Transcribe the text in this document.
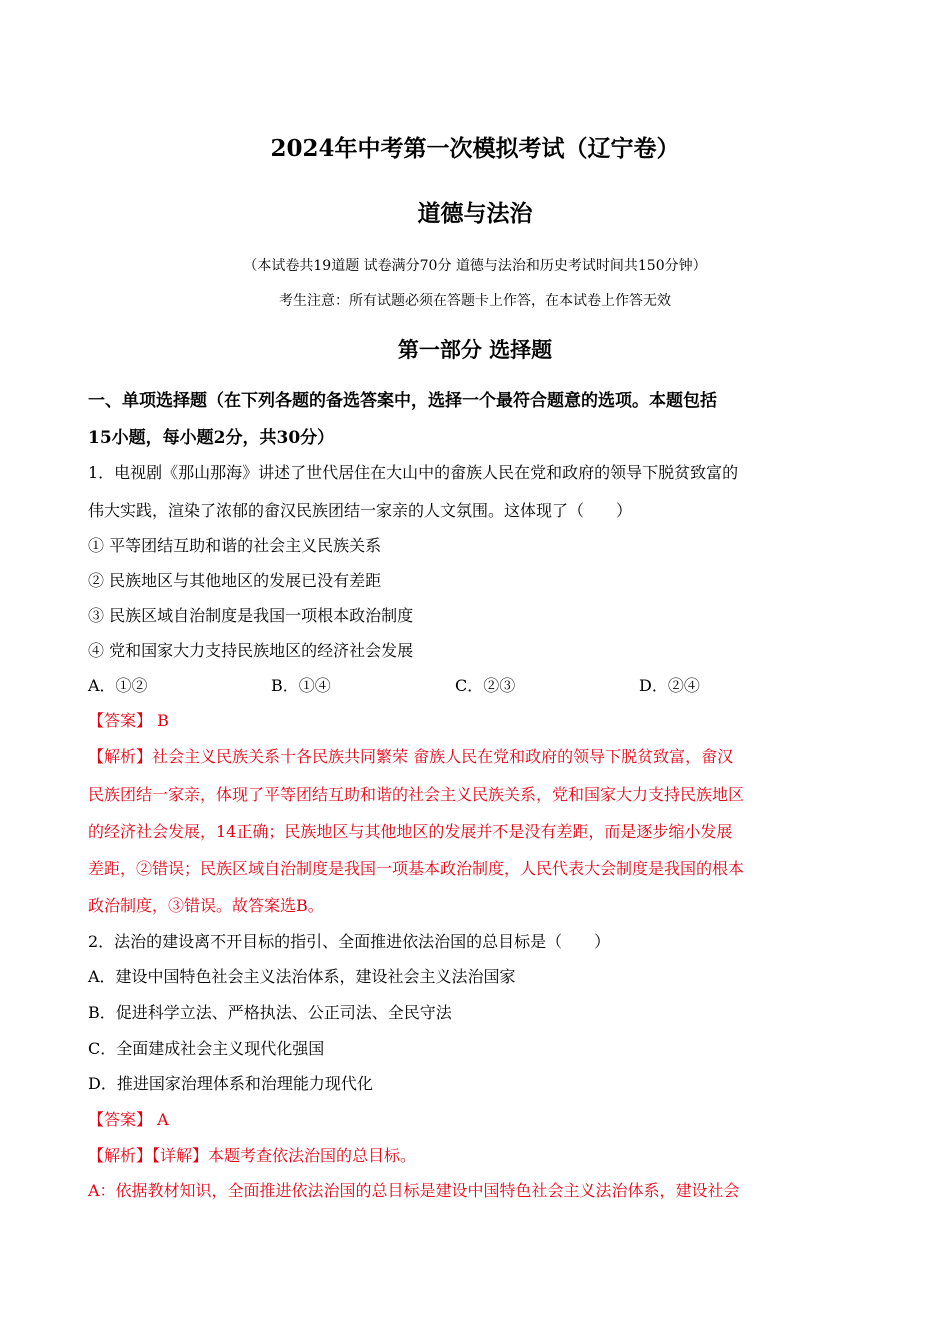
2024年中考第一次模拟考试（辽宁卷）
道德与法治
（本试卷共19道题 试卷满分70分 道德与法治和历史考试时间共150分钟）
考生注意：所有试题必须在答题卡上作答，在本试卷上作答无效
第一部分 选择题
一、单项选择题（在下列各题的备选答案中，选择一个最符合题意的选项。本题包括
15小题，每小题2分，共30分）
1．电视剧《那山那海》讲述了世代居住在大山中的畲族人民在党和政府的领导下脱贫致富的
伟大实践，渲染了浓郁的畲汉民族团结一家亲的人文氛围。这体现了（　　）
① 平等团结互助和谐的社会主义民族关系
② 民族地区与其他地区的发展已没有差距
③ 民族区域自治制度是我国一项根本政治制度
④ 党和国家大力支持民族地区的经济社会发展
A．①②	B．①④	C．②③	D．②④
【答案】 B
【解析】社会主义民族关系十各民族共同繁荣 畲族人民在党和政府的领导下脱贫致富，畲汉
民族团结一家亲，体现了平等团结互助和谐的社会主义民族关系，党和国家大力支持民族地区
的经济社会发展，14正确；民族地区与其他地区的发展并不是没有差距，而是逐步缩小发展
差距，②错误；民族区域自治制度是我国一项基本政治制度，人民代表大会制度是我国的根本
政治制度，③错误。故答案选B。
2．法治的建设离不开目标的指引、全面推进依法治国的总目标是（　　）
A．建设中国特色社会主义法治体系，建设社会主义法治国家
B．促进科学立法、严格执法、公正司法、全民守法
C．全面建成社会主义现代化强国
D．推进国家治理体系和治理能力现代化
【答案】 A
【解析】【详解】本题考查依法治国的总目标。
A：依据教材知识，全面推进依法治国的总目标是建设中国特色社会主义法治体系，建设社会
